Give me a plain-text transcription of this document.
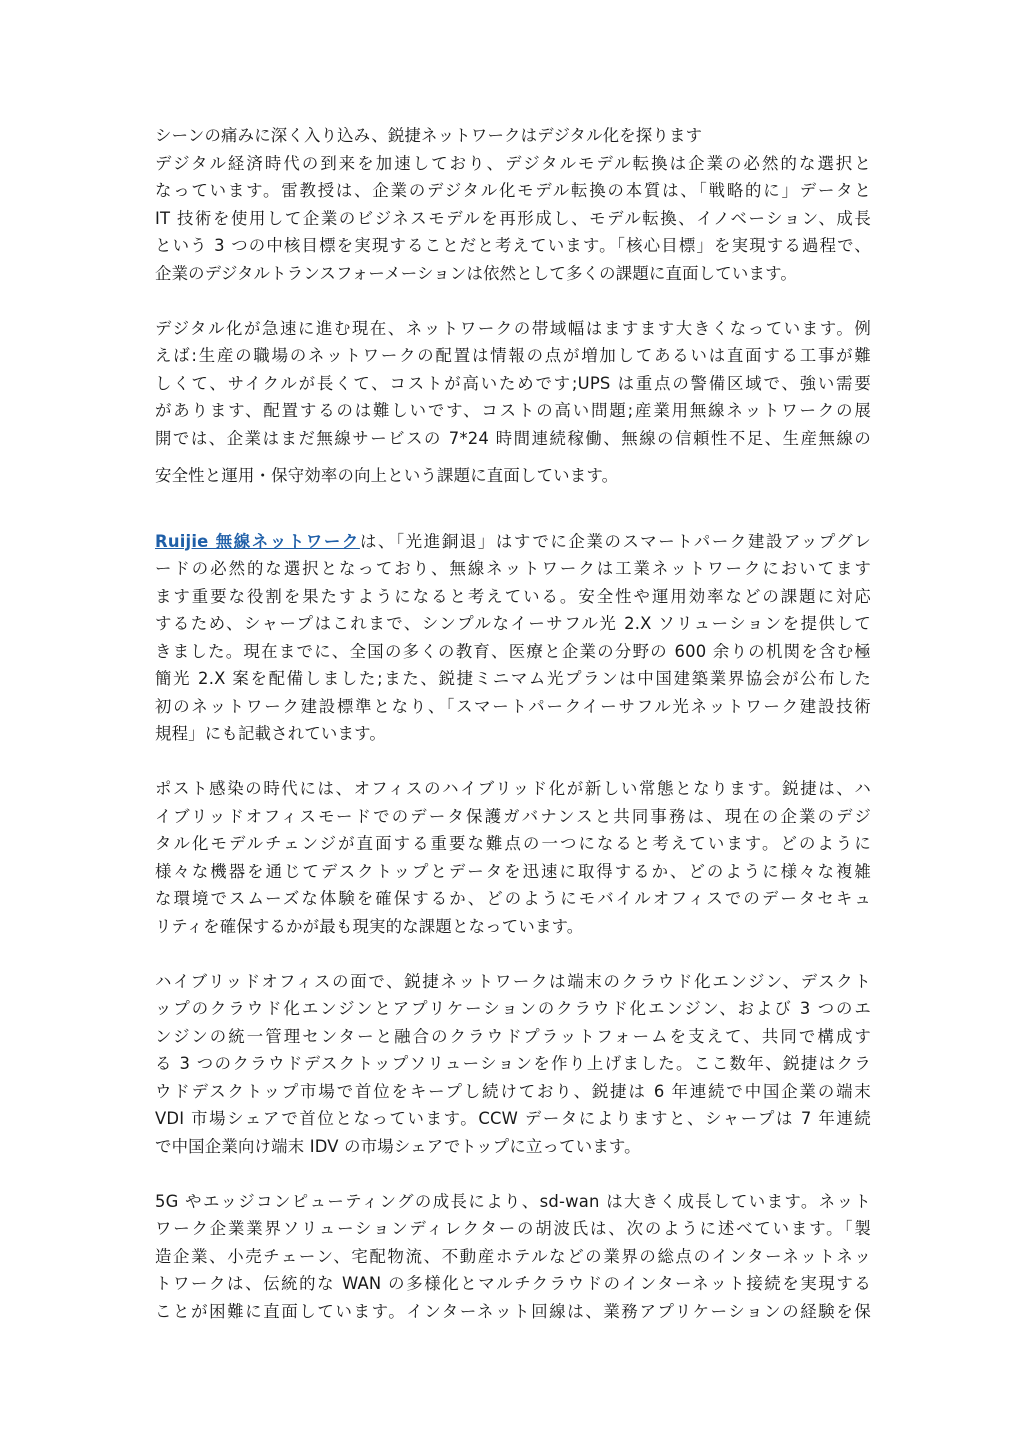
シーンの痛みに深く入り込み、鋭捷ネットワークはデジタル化を探ります
デジタル経済時代の到来を加速しており、デジタルモデル転換は企業の必然的な選択と
なっています。雷教授は、企業のデジタル化モデル転換の本質は、「戦略的に」データと
IT 技術を使用して企業のビジネスモデルを再形成し、モデル転換、イノベーション、成長
という 3 つの中核目標を実現することだと考えています。「核心目標」を実現する過程で、
企業のデジタルトランスフォーメーションは依然として多くの課題に直面しています。
デジタル化が急速に進む現在、ネットワークの帯域幅はますます大きくなっています。例
えば:生産の職場のネットワークの配置は情報の点が増加してあるいは直面する工事が難
しくて、サイクルが長くて、コストが高いためです;UPS は重点の警備区域で、強い需要
があります、配置するのは難しいです、コストの高い問題;産業用無線ネットワークの展
開では、企業はまだ無線サービスの 7*24 時間連続稼働、無線の信頼性不足、生産無線の
安全性と運用・保守効率の向上という課題に直面しています。
Ruijie 無線ネットワークは、「光進銅退」はすでに企業のスマートパーク建設アップグレ
ードの必然的な選択となっており、無線ネットワークは工業ネットワークにおいてます
ます重要な役割を果たすようになると考えている。安全性や運用効率などの課題に対応
するため、シャープはこれまで、シンプルなイーサフル光 2.X ソリューションを提供して
きました。現在までに、全国の多くの教育、医療と企業の分野の 600 余りの机関を含む極
簡光 2.X 案を配備しました;また、鋭捷ミニマム光プランは中国建築業界協会が公布した
初のネットワーク建設標準となり、「スマートパークイーサフル光ネットワーク建設技術
規程」にも記載されています。
ポスト感染の時代には、オフィスのハイブリッド化が新しい常態となります。鋭捷は、ハ
イブリッドオフィスモードでのデータ保護ガバナンスと共同事務は、現在の企業のデジ
タル化モデルチェンジが直面する重要な難点の一つになると考えています。どのように
様々な機器を通じてデスクトップとデータを迅速に取得するか、どのように様々な複雑
な環境でスムーズな体験を確保するか、どのようにモバイルオフィスでのデータセキュ
リティを確保するかが最も現実的な課題となっています。
ハイブリッドオフィスの面で、鋭捷ネットワークは端末のクラウド化エンジン、デスクト
ップのクラウド化エンジンとアプリケーションのクラウド化エンジン、および 3 つのエ
ンジンの統一管理センターと融合のクラウドプラットフォームを支えて、共同で構成す
る 3 つのクラウドデスクトップソリューションを作り上げました。ここ数年、鋭捷はクラ
ウドデスクトップ市場で首位をキープし続けており、鋭捷は 6 年連続で中国企業の端末
VDI 市場シェアで首位となっています。CCW データによりますと、シャープは 7 年連続
で中国企業向け端末 IDV の市場シェアでトップに立っています。
5G やエッジコンピューティングの成長により、sd-wan は大きく成長しています。ネット
ワーク企業業界ソリューションディレクターの胡波氏は、次のように述べています。「製
造企業、小売チェーン、宅配物流、不動産ホテルなどの業界の総点のインターネットネッ
トワークは、伝統的な WAN の多様化とマルチクラウドのインターネット接続を実現する
ことが困難に直面しています。インターネット回線は、業務アプリケーションの経験を保
